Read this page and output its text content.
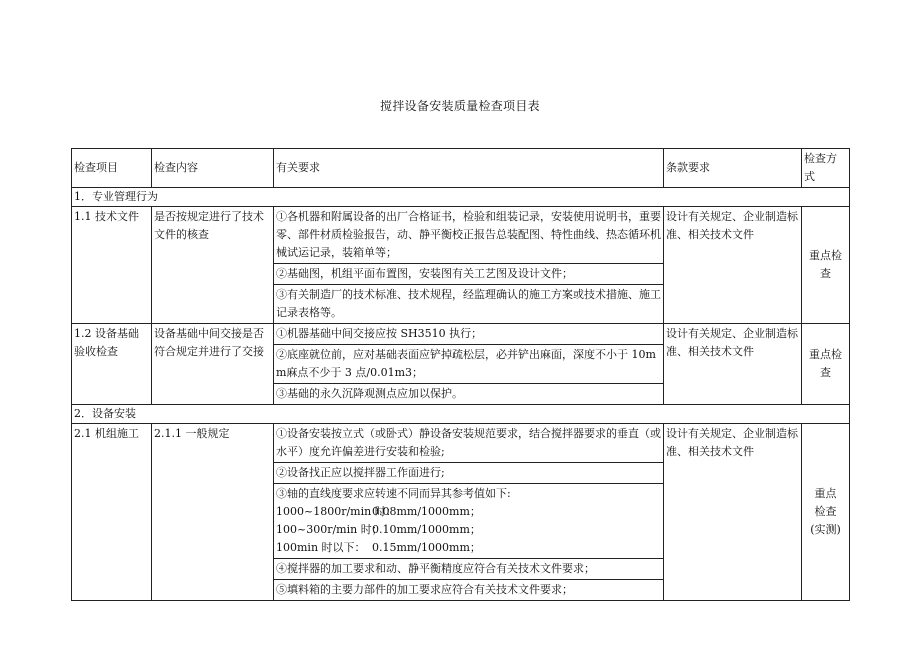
搅拌设备安装质量检查项目表
检查项目	检查内容	有关要求	条款要求	检查方式
1．专业管理行为				
1.1 技术文件	是否按规定进行了技术文件的核查	①各机器和附属设备的出厂合格证书，检验和组装记录，安装使用说明书，重要零、部件材质检验报告，动、静平衡校正报告总装配图、特性曲线、热态循环机械试运记录，装箱单等；	设计有关规定、企业制造标准、相关技术文件	重点检查
		②基础图，机组平面布置图，安装图有关工艺图及设计文件；		
		③有关制造厂的技术标准、技术规程，经监理确认的施工方案或技术措施、施工记录表格等。		
1.2 设备基础验收检查	设备基础中间交接是否符合规定并进行了交接	①机器基础中间交接应按 SH3510 执行；	设计有关规定、企业制造标准、相关技术文件	重点检查
		②底座就位前，应对基础表面应铲掉疏松层，必并铲出麻面，深度不小于 10mm麻点不少于 3 点/0.01m3；		
		③基础的永久沉降观测点应加以保护。		
2．设备安装				
2.1 机组施工	2.1.1 一般规定	①设备安装按立式（或卧式）静设备安装规范要求，结合搅拌器要求的垂直（或水平）度允许偏差进行安装和检验;	设计有关规定、企业制造标准、相关技术文件	重点
检查
(实测)

		②设备找正应以搅拌器工作面进行;		

		③轴的直线度要求应转速不同而异其参考值如下:
1000~1800r/min 时：0.08mm/1000mm；
100~300r/min 时；0.10mm/1000mm；
100min 时以下： 0.15mm/1000mm；		

		④搅拌器的加工要求和动、静平衡精度应符合有关技术文件要求；		
		⑤填料箱的主要力部件的加工要求应符合有关技术文件要求；		
